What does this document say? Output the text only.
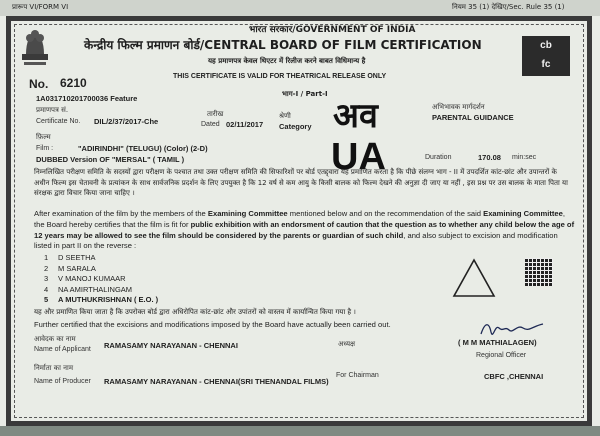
प्रारूप VI/FORM VI	नियम 35 (1) देखिए/Sec. Rule 35 (1)
भारत सरकार/GOVERNMENT OF INDIA
केन्द्रीय फिल्म प्रमाणन बोर्ड/CENTRAL BOARD OF FILM CERTIFICATION
यह प्रमाणपत्र केवल थिएटर में रिलीज करने बाबत विधिमान्य है
THIS CERTIFICATE IS VALID FOR THEATRICAL RELEASE ONLY
cb
fc
No. 6210
1A03171020170003​6 Feature	भाग-I / Part-I
प्रमाणपत्र सं.
Certificate No. DIL/2/37/2017-Che
तारीख
Dated 02/11/2017
श्रेणी
Category
अभिभावक मार्गदर्शन
PARENTAL GUIDANCE
अव
UA
फ़िल्म
Film :	"ADIRINDHI" (TELUGU) (Color) (2-D)
DUBBED Version OF "MERSAL" ( TAMIL )	Duration	170.08 min:sec
निम्नलिखित परीक्षण समिति के सदस्यों द्वारा परीक्षण के पश्चात तथा उक्त परीक्षण समिति की सिफारिशों पर बोर्ड एतद्द्वारा यह प्रमाणित करता है कि पीछे संलग्न भाग - II में उपदर्शित कांट-छांट और उपान्तरों के अधीन फिल्म इस चेतावनी के प्रत्यांकन के साथ सार्वजनिक प्रदर्शन के लिए उपयुक्त है कि 12 वर्ष से कम आयु के किसी बालक को फिल्म देखने की अनुज्ञा दी जाए या नहीं , इस प्रश्न पर उस बालक के माता पिता या संरक्षक द्वारा विचार किया जाना चाहिए ।
After examination of the film by the members of the Examining Committee mentioned below and on the recommendation of the said Examining Committee, the Board hereby certifies that the film is fit for public exhibition with an endorsment of caution that the question as to whether any child below the age of 12 years may be allowed to see the film should be considered by the parents or guardian of such child, and also subject to excision and modification listed in part II on the reverse :
1 D SEETHA
2 M SARALA
3 V MANOJ KUMAAR
4 NA AMIRTHALINGAM
5 A MUTHUKRISHNAN ( E.O. )
यह और प्रमाणित किया जाता है कि उपरोक्त बोर्ड द्वारा अधिरोपित कांट-छांट और उपांतरों को वास्तव में कार्यान्वित किया गया है ।
Further certified that the excisions and modifications imposed by the Board have actually been carried out.
आवेदक का नाम
Name of Applicant RAMASAMY NARAYANAN - CHENNAI	अध्यक्ष	( M M MATHIALAGEN)
Regional Officer
निर्माता का नाम
Name of Producer RAMASAMY NARAYANAN - CHENNAI(SRI THENANDAL FILMS)
For Chairman	CBFC ,CHENNAI
